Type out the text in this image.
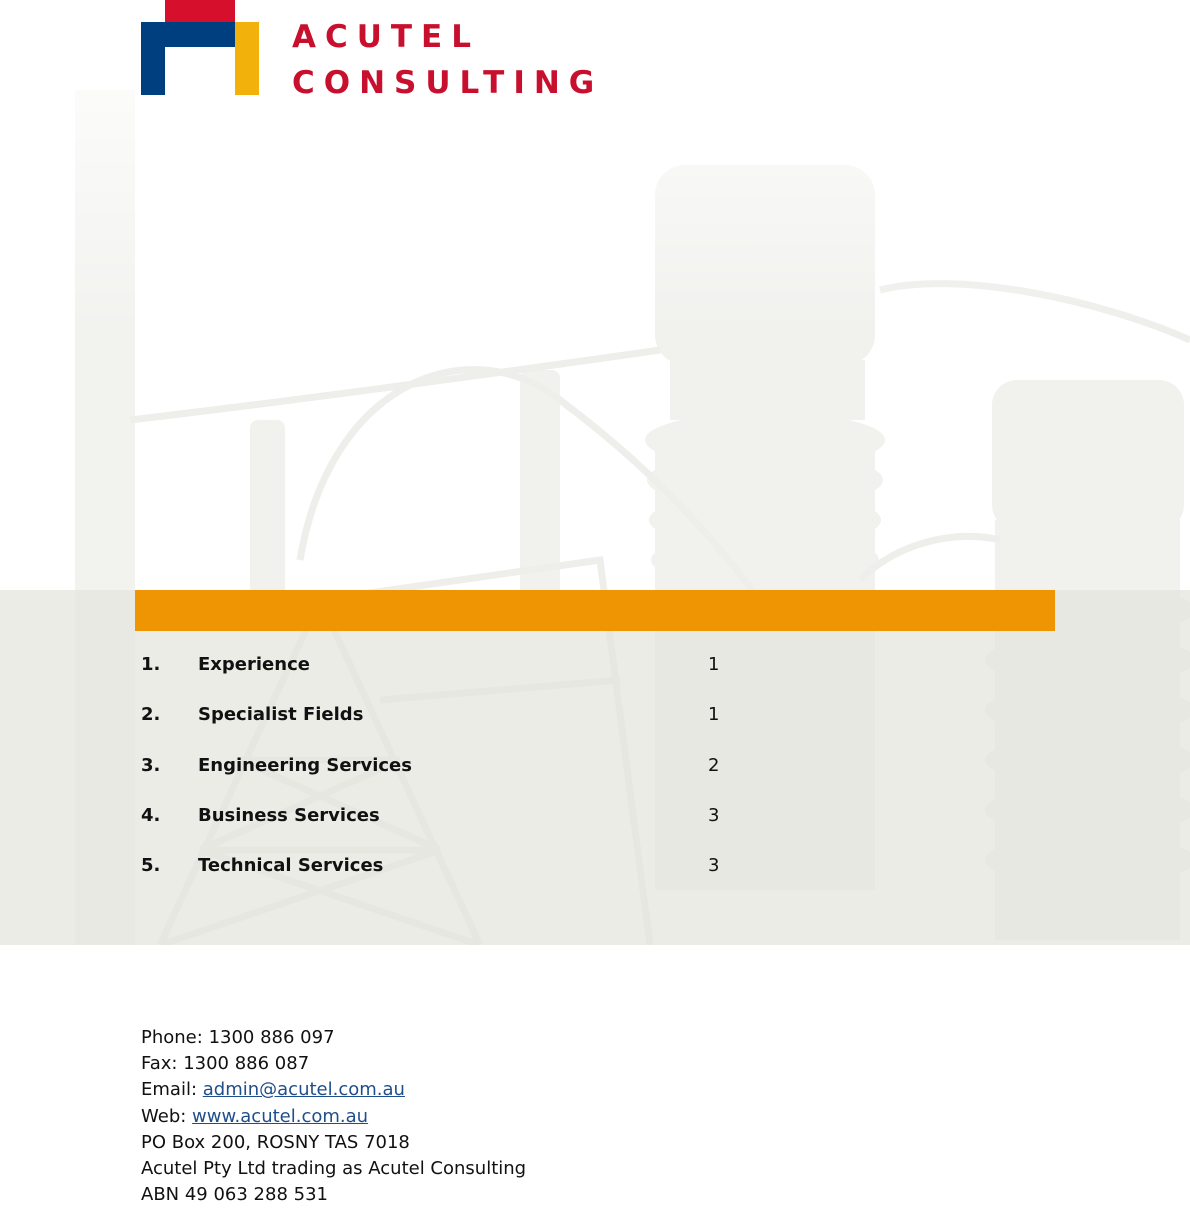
ACUTEL
CONSULTING
1. Experience	1
2. Specialist Fields	1
3. Engineering Services	2
4. Business Services	3
5. Technical Services	3
Phone: 1300 886 097
Fax: 1300 886 087
Email: admin@acutel.com.au
Web: www.acutel.com.au
PO Box 200, ROSNY TAS 7018
Acutel Pty Ltd trading as Acutel Consulting
ABN 49 063 288 531
